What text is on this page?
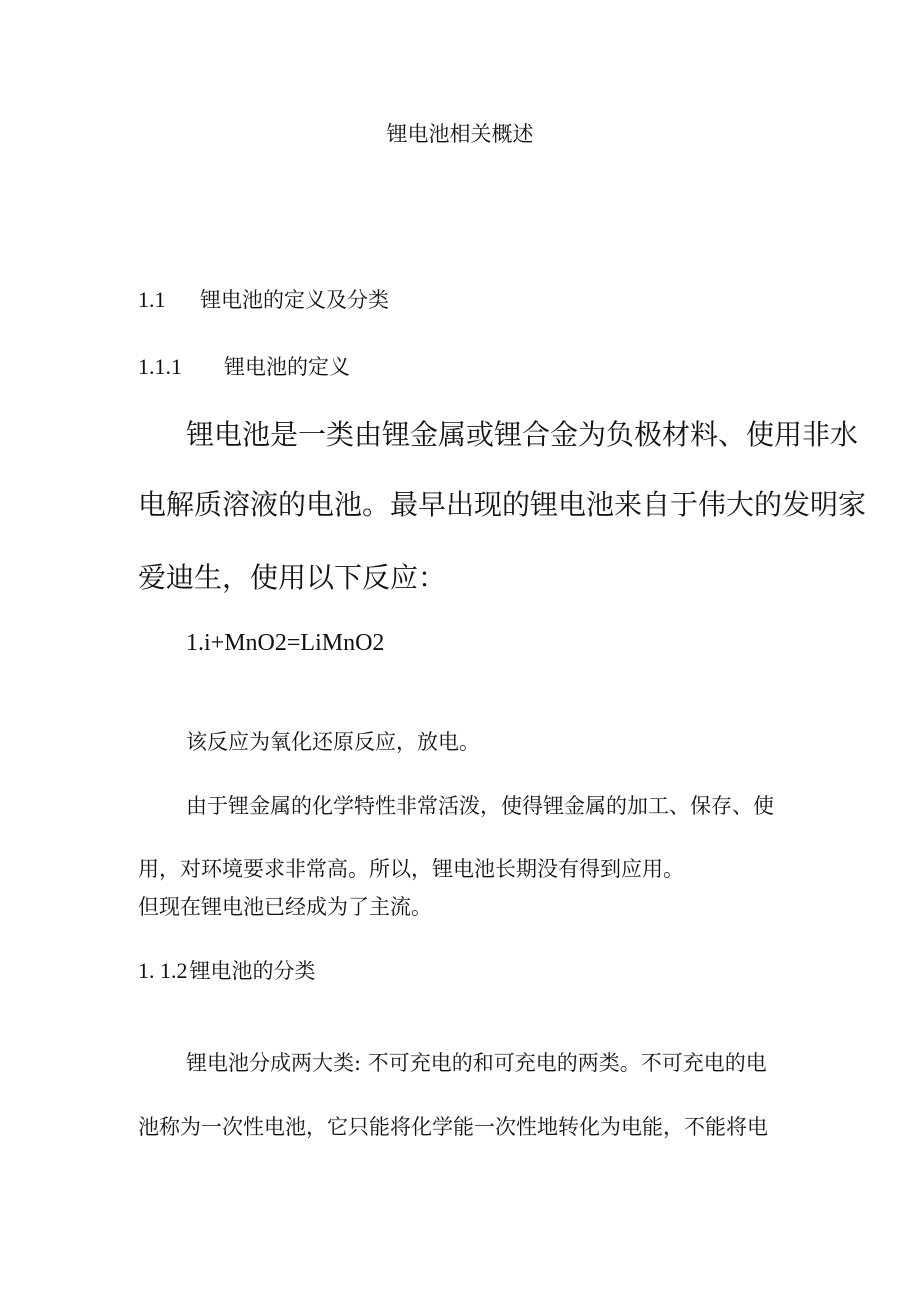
锂电池相关概述

1.1 锂电池的定义及分类

1.1.1 锂电池的定义

锂电池是一类由锂金属或锂合金为负极材料、使用非水

电解质溶液的电池。最早出现的锂电池来自于伟大的发明家

爱迪生，使用以下反应：

1.i+MnO2=LiMnO2

该反应为氧化还原反应，放电。

由于锂金属的化学特性非常活泼，使得锂金属的加工、保存、使

用，对环境要求非常高。所以，锂电池长期没有得到应用。

但现在锂电池已经成为了主流。

1. 1.2锂电池的分类

锂电池分成两大类: 不可充电的和可充电的两类。不可充电的电

池称为一次性电池，它只能将化学能一次性地转化为电能，不能将电
